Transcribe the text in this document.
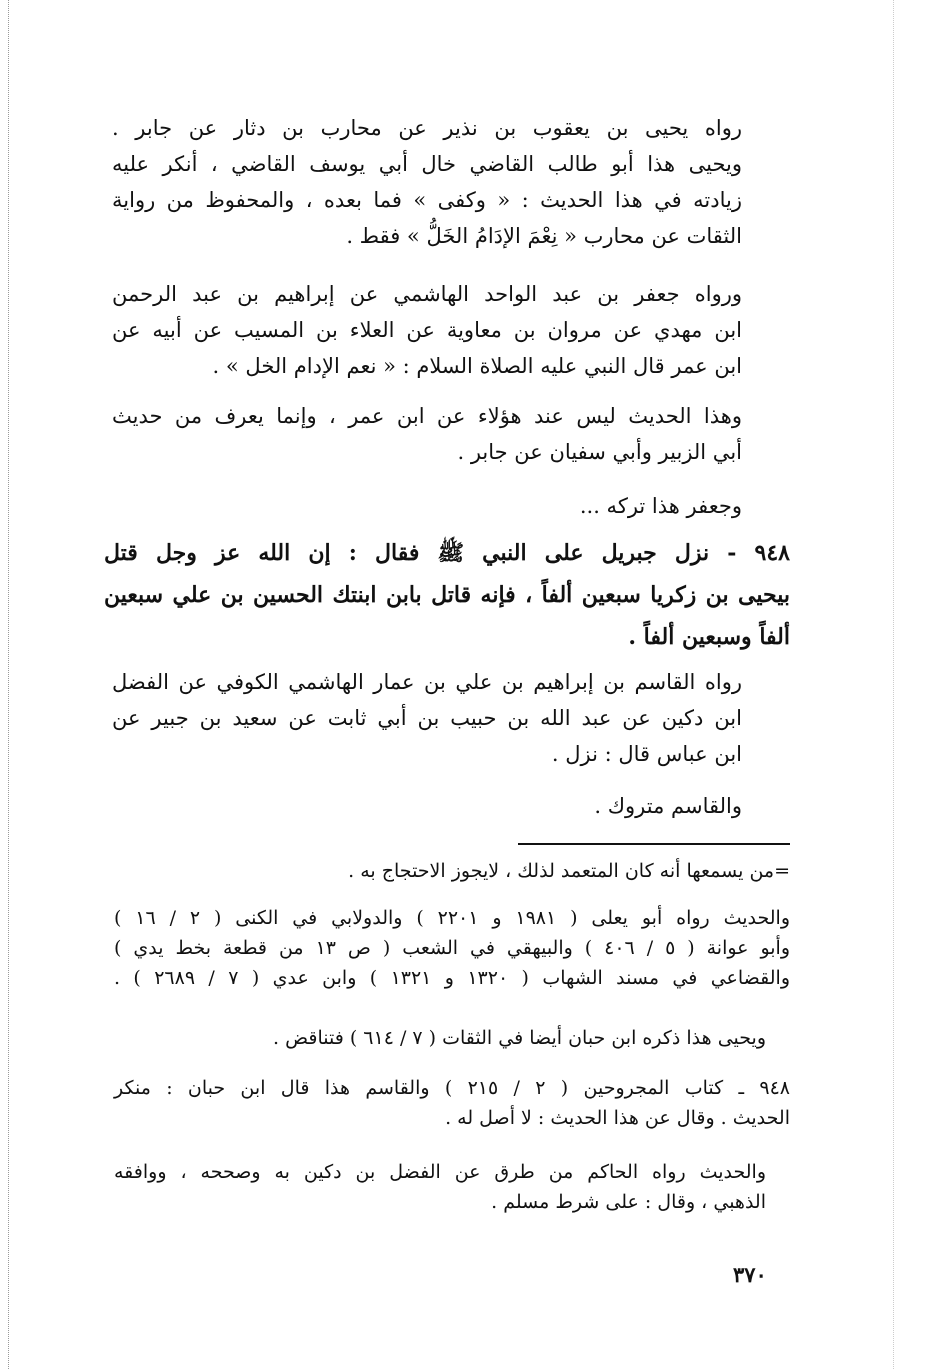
رواه يحيى بن يعقوب بن نذير عن محارب بن دثار عن جابر .
ويحيى هذا أبو طالب القاضي خال أبي يوسف القاضي ، أنكر عليه
زيادته في هذا الحديث : « وكفى » فما بعده ، والمحفوظ من رواية
الثقات عن محارب « نِعْمَ الإدَامُ الخَلُّ » فقط .
ورواه جعفر بن عبد الواحد الهاشمي عن إبراهيم بن عبد الرحمن
ابن مهدي عن مروان بن معاوية عن العلاء بن المسيب عن أبيه عن
ابن عمر قال النبي عليه الصلاة السلام : « نعم الإدام الخل » .
وهذا الحديث ليس عند هؤلاء عن ابن عمر ، وإنما يعرف من حديث
أبي الزبير وأبي سفيان عن جابر .
وجعفر هذا تركه ...
٩٤٨ - نزل جبريل على النبي ﷺ فقال : إن الله عز وجل قتل
بيحيى بن زكريا سبعين ألفاً ، فإنه قاتل بابن ابنتك الحسين بن علي سبعين
ألفاً وسبعين ألفاً .
رواه القاسم بن إبراهيم بن علي بن عمار الهاشمي الكوفي عن الفضل
ابن دكين عن عبد الله بن حبيب بن أبي ثابت عن سعيد بن جبير عن
ابن عباس قال : نزل .
والقاسم متروك .
=من يسمعها أنه كان المتعمد لذلك ، لايجوز الاحتجاج به .
والحديث رواه أبو يعلى ( ١٩٨١ و ٢٢٠١ ) والدولابي في الكنى ( ٢ / ١٦ )
وأبو عوانة ( ٥ / ٤٠٦ ) والبيهقي في الشعب ( ص ١٣ من قطعة بخط يدي )
والقضاعي في مسند الشهاب ( ١٣٢٠ و ١٣٢١ ) وابن عدي ( ٧ / ٢٦٨٩ ) .
ويحيى هذا ذكره ابن حبان أيضا في الثقات ( ٧ / ٦١٤ ) فتناقض .
٩٤٨ ـ كتاب المجروحين ( ٢ / ٢١٥ ) والقاسم هذا قال ابن حبان : منكر
الحديث . وقال عن هذا الحديث : لا أصل له .
والحديث رواه الحاكم من طرق عن الفضل بن دكين به وصححه ، ووافقه
الذهبي ، وقال : على شرط مسلم .
٣٧٠
